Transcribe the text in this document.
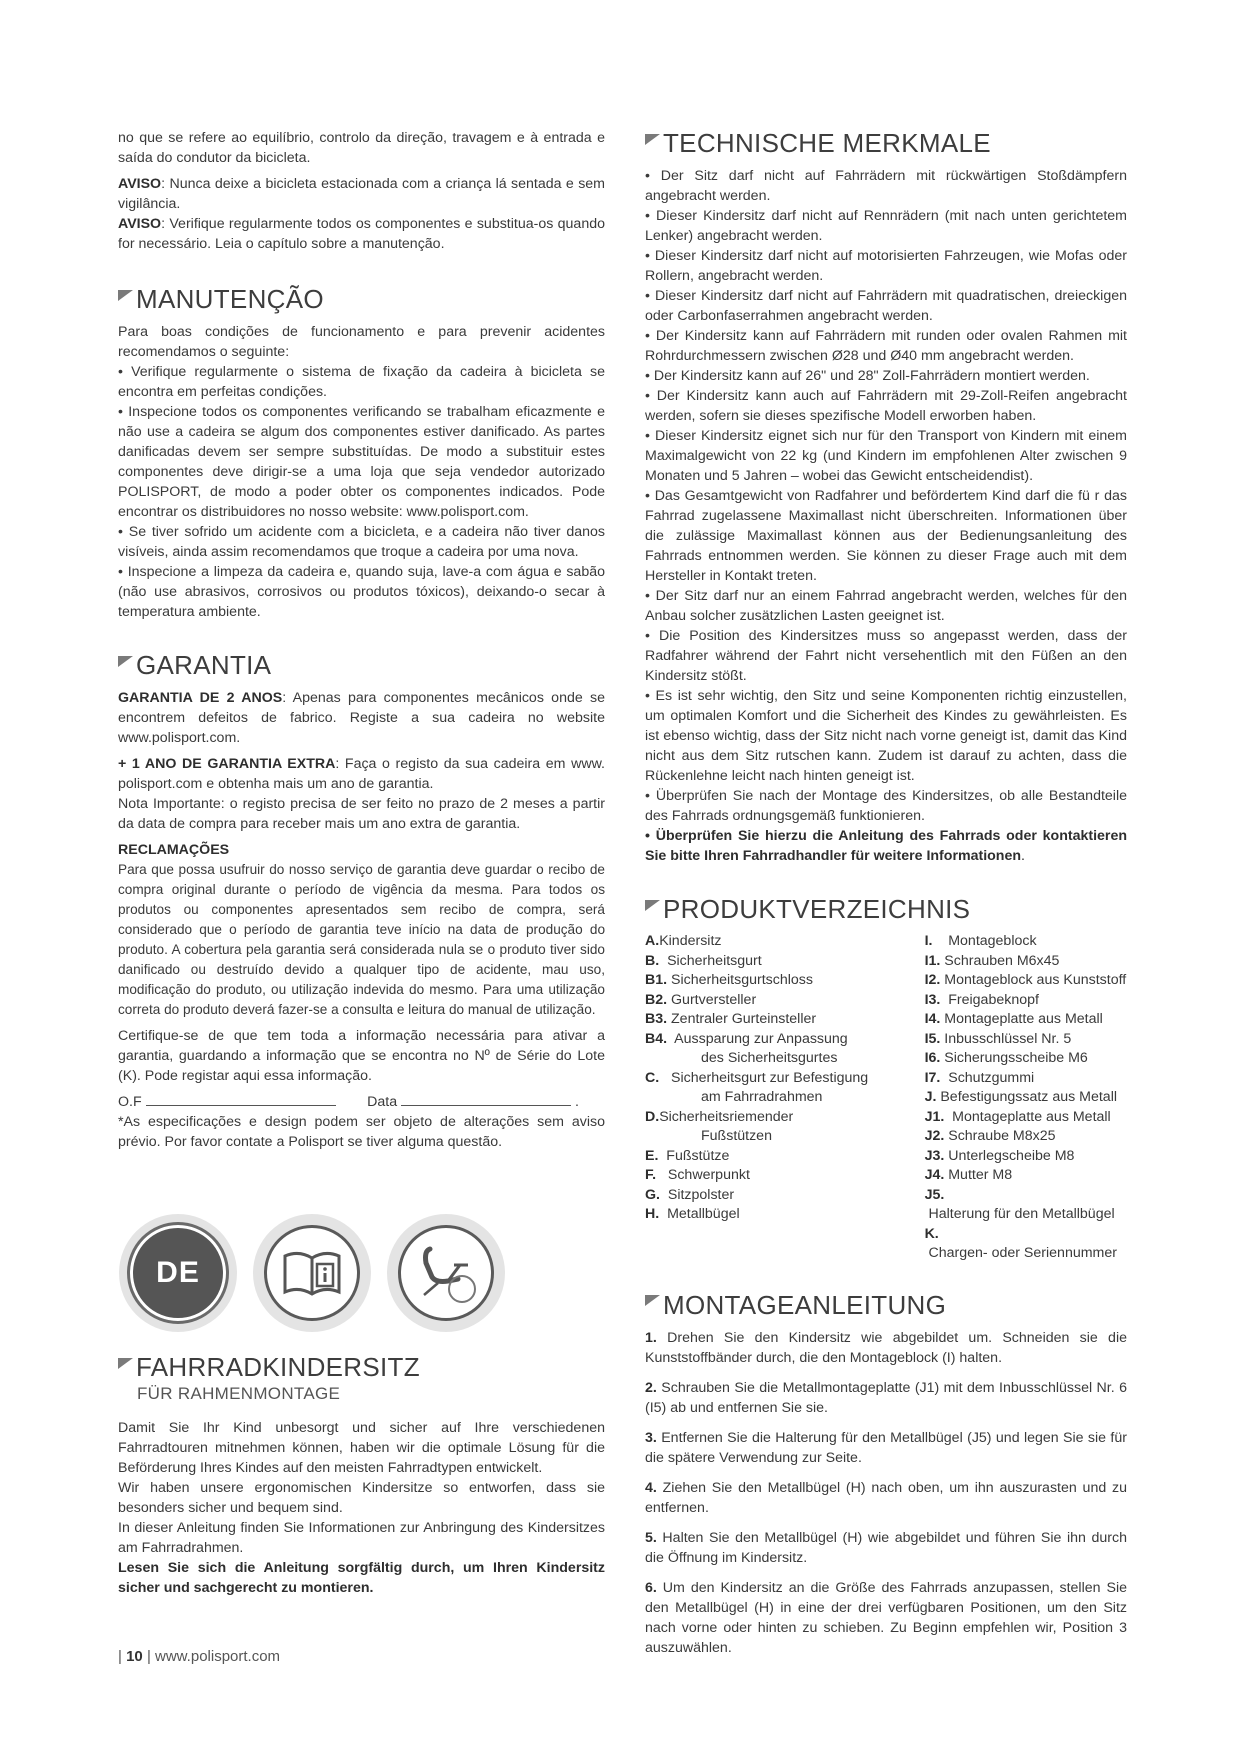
no que se refere ao equilíbrio, controlo da direção, travagem e à entrada e saída do condutor da bicicleta.

AVISO: Nunca deixe a bicicleta estacionada com a criança lá sentada e sem vigilância.

AVISO: Verifique regularmente todos os componentes e substitua-os quando for necessário. Leia o capítulo sobre a manutenção.

MANUTENÇÃO

Para boas condições de funcionamento e para prevenir acidentes recomendamos o seguinte:

• Verifique regularmente o sistema de fixação da cadeira à bicicleta se encontra em perfeitas condições.

• Inspecione todos os componentes verificando se trabalham eficazmente e não use a cadeira se algum dos componentes estiver danificado. As partes danificadas devem ser sempre substituídas. De modo a substituir estes componentes deve dirigir-se a uma loja que seja vendedor autorizado POLISPORT, de modo a poder obter os componentes indicados. Pode encontrar os distribuidores no nosso website: www.polisport.com.

• Se tiver sofrido um acidente com a bicicleta, e a cadeira não tiver danos visíveis, ainda assim recomendamos que troque a cadeira por uma nova.

• Inspecione a limpeza da cadeira e, quando suja, lave-a com água e sabão (não use abrasivos, corrosivos ou produtos tóxicos), deixando-o secar à temperatura ambiente.

GARANTIA

GARANTIA DE 2 ANOS: Apenas para componentes mecânicos onde se encontrem defeitos de fabrico. Registe a sua cadeira no website www.polisport.com.

+ 1 ANO DE GARANTIA EXTRA: Faça o registo da sua cadeira em www. polisport.com e obtenha mais um ano de garantia.

Nota Importante: o registo precisa de ser feito no prazo de 2 meses a partir da data de compra para receber mais um ano extra de garantia.

RECLAMAÇÕES

Para que possa usufruir do nosso serviço de garantia deve guardar o recibo de compra original durante o período de vigência da mesma. Para todos os produtos ou componentes apresentados sem recibo de compra, será considerado que o período de garantia teve início na data de produção do produto. A cobertura pela garantia será considerada nula se o produto tiver sido danificado ou destruído devido a qualquer tipo de acidente, mau uso, modificação do produto, ou utilização indevida do mesmo. Para uma utilização correta do produto deverá fazer-se a consulta e leitura do manual de utilização.

Certifique-se de que tem toda a informação necessária para ativar a garantia, guardando a informação que se encontra no Nº de Série do Lote (K). Pode registar aqui essa informação.

O.F	Data	.

*As especificações e design podem ser objeto de alterações sem aviso prévio. Por favor contate a Polisport se tiver alguma questão.

DE
FAHRRADKINDERSITZ
FÜR RAHMENMONTAGE

Damit Sie Ihr Kind unbesorgt und sicher auf Ihre verschiedenen Fahrradtouren mitnehmen können, haben wir die optimale Lösung für die Beförderung Ihres Kindes auf den meisten Fahrradtypen entwickelt.

Wir haben unsere ergonomischen Kindersitze so entworfen, dass sie besonders sicher und bequem sind.

In dieser Anleitung finden Sie Informationen zur Anbringung des Kindersitzes am Fahrradrahmen.

Lesen Sie sich die Anleitung sorgfältig durch, um Ihren Kindersitz sicher und sachgerecht zu montieren.

TECHNISCHE MERKMALE

• Der Sitz darf nicht auf Fahrrädern mit rückwärtigen Stoßdämpfern angebracht werden.

• Dieser Kindersitz darf nicht auf Rennrädern (mit nach unten gerichtetem Lenker) angebracht werden.

• Dieser Kindersitz darf nicht auf motorisierten Fahrzeugen, wie Mofas oder Rollern, angebracht werden.

• Dieser Kindersitz darf nicht auf Fahrrädern mit quadratischen, dreieckigen oder Carbonfaserrahmen angebracht werden.

• Der Kindersitz kann auf Fahrrädern mit runden oder ovalen Rahmen mit Rohrdurchmessern zwischen Ø28 und Ø40 mm angebracht werden.

• Der Kindersitz kann auf 26" und 28" Zoll-Fahrrädern montiert werden.

• Der Kindersitz kann auch auf Fahrrädern mit 29-Zoll-Reifen angebracht werden, sofern sie dieses spezifische Modell erworben haben.

• Dieser Kindersitz eignet sich nur für den Transport von Kindern mit einem Maximalgewicht von 22 kg (und Kindern im empfohlenen Alter zwischen 9 Monaten und 5 Jahren – wobei das Gewicht entscheidendist).

• Das Gesamtgewicht von Radfahrer und befördertem Kind darf die fü r das Fahrrad zugelassene Maximallast nicht überschreiten. Informationen über die zulässige Maximallast können aus der Bedienungsanleitung des Fahrrads entnommen werden. Sie können zu dieser Frage auch mit dem Hersteller in Kontakt treten.

• Der Sitz darf nur an einem Fahrrad angebracht werden, welches für den Anbau solcher zusätzlichen Lasten geeignet ist.

• Die Position des Kindersitzes muss so angepasst werden, dass der Radfahrer während der Fahrt nicht versehentlich mit den Füßen an den Kindersitz stößt.

• Es ist sehr wichtig, den Sitz und seine Komponenten richtig einzustellen, um optimalen Komfort und die Sicherheit des Kindes zu gewährleisten. Es ist ebenso wichtig, dass der Sitz nicht nach vorne geneigt ist, damit das Kind nicht aus dem Sitz rutschen kann. Zudem ist darauf zu achten, dass die Rückenlehne leicht nach hinten geneigt ist.

• Überprüfen Sie nach der Montage des Kindersitzes, ob alle Bestandteile des Fahrrads ordnungsgemäß funktionieren.

• Überprüfen Sie hierzu die Anleitung des Fahrrads oder kontaktieren Sie bitte Ihren Fahrradhandler für weitere Informationen.

PRODUKTVERZEICHNIS
A.Kindersitz
B.  Sicherheitsgurt
B1. Sicherheitsgurtschloss
B2. Gurtversteller
B3. Zentraler Gurteinsteller
B4.  Aussparung zur Anpassung
des Sicherheitsgurtes
C.   Sicherheitsgurt zur Befestigung
am Fahrradrahmen
D.Sicherheitsriemender
Fußstützen
E.  Fußstütze
F.   Schwerpunkt
G.  Sitzpolster
H.  Metallbügel
I.    Montageblock
I1. Schrauben M6x45
I2. Montageblock aus Kunststoff
I3.  Freigabeknopf
I4. Montageplatte aus Metall
I5. Inbusschlüssel Nr. 5
I6. Sicherungsscheibe M6
I7.  Schutzgummi
J. Befestigungssatz aus Metall
J1.  Montageplatte aus Metall
J2. Schraube M8x25
J3. Unterlegscheibe M8
J4. Mutter M8
J5. Halterung für den Metallbügel
K. Chargen- oder Seriennummer
MONTAGEANLEITUNG

1. Drehen Sie den Kindersitz wie abgebildet um. Schneiden sie die Kunststoffbänder durch, die den Montageblock (I) halten.

2. Schrauben Sie die Metallmontageplatte (J1) mit dem Inbusschlüssel Nr. 6 (I5) ab und entfernen Sie sie.

3. Entfernen Sie die Halterung für den Metallbügel (J5) und legen Sie sie für die spätere Verwendung zur Seite.

4. Ziehen Sie den Metallbügel (H) nach oben, um ihn auszurasten und zu entfernen.

5. Halten Sie den Metallbügel (H) wie abgebildet und führen Sie ihn durch die Öffnung im Kindersitz.

6. Um den Kindersitz an die Größe des Fahrrads anzupassen, stellen Sie den Metallbügel (H) in eine der drei verfügbaren Positionen, um den Sitz nach vorne oder hinten zu schieben. Zu Beginn empfehlen wir, Position 3 auszuwählen.

| 10 | www.polisport.com
